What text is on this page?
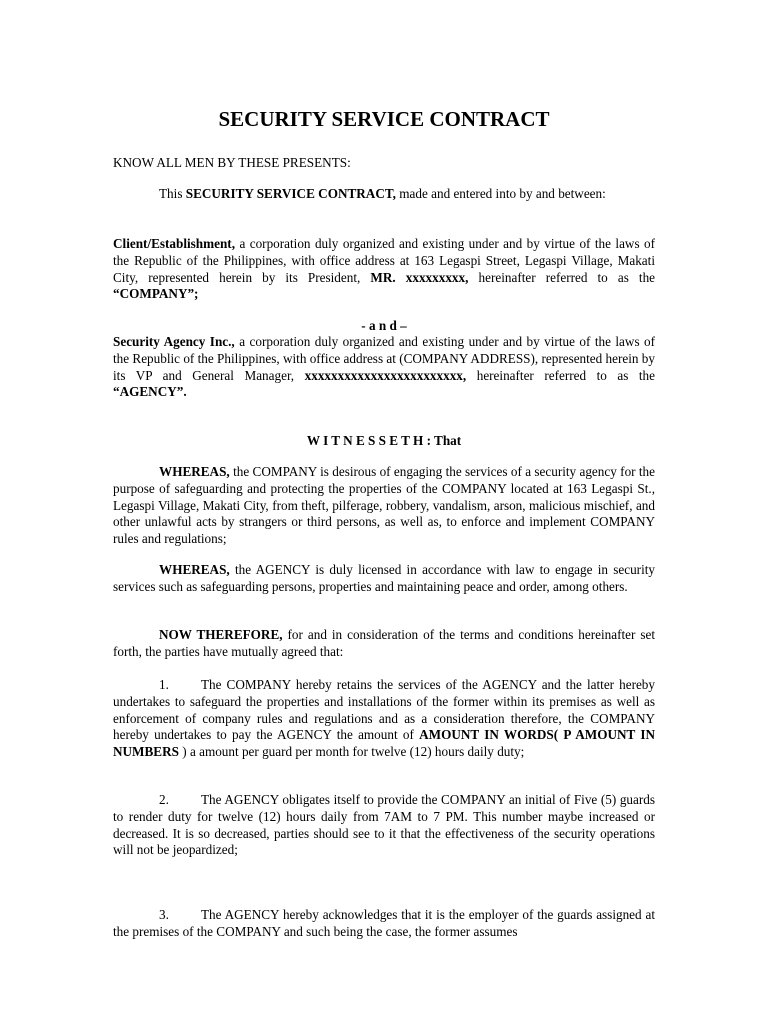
SECURITY SERVICE CONTRACT

KNOW ALL MEN BY THESE PRESENTS:

This SECURITY SERVICE CONTRACT, made and entered into by and between:

Client/Establishment, a corporation duly organized and existing under and by virtue of the laws of the Republic of the Philippines, with office address at 163 Legaspi Street, Legaspi Village, Makati City, represented herein by its President, MR. xxxxxxxxx, hereinafter referred to as the “COMPANY”;

- a n d –

Security Agency Inc., a corporation duly organized and existing under and by virtue of the laws of the Republic of the Philippines, with office address at (COMPANY ADDRESS), represented herein by its VP and General Manager, xxxxxxxxxxxxxxxxxxxxxxxx, hereinafter referred to as the “AGENCY”.

W I T N E S S E T H : That

WHEREAS, the COMPANY is desirous of engaging the services of a security agency for the purpose of safeguarding and protecting the properties of the COMPANY located at 163 Legaspi St., Legaspi Village, Makati City, from theft, pilferage, robbery, vandalism, arson, malicious mischief, and other unlawful acts by strangers or third persons, as well as, to enforce and implement COMPANY rules and regulations;

WHEREAS, the AGENCY is duly licensed in accordance with law to engage in security services such as safeguarding persons, properties and maintaining peace and order, among others.

NOW THEREFORE, for and in consideration of the terms and conditions hereinafter set forth, the parties have mutually agreed that:

1. The COMPANY hereby retains the services of the AGENCY and the latter hereby undertakes to safeguard the properties and installations of the former within its premises as well as enforcement of company rules and regulations and as a consideration therefore, the COMPANY hereby undertakes to pay the AGENCY the amount of AMOUNT IN WORDS( P AMOUNT IN NUMBERS ) a amount per guard per month for twelve (12) hours daily duty;

2. The AGENCY obligates itself to provide the COMPANY an initial of Five (5) guards to render duty for twelve (12) hours daily from 7AM to 7 PM. This number maybe increased or decreased. It is so decreased, parties should see to it that the effectiveness of the security operations will not be jeopardized;

3. The AGENCY hereby acknowledges that it is the employer of the guards assigned at the premises of the COMPANY and such being the case, the former assumes
